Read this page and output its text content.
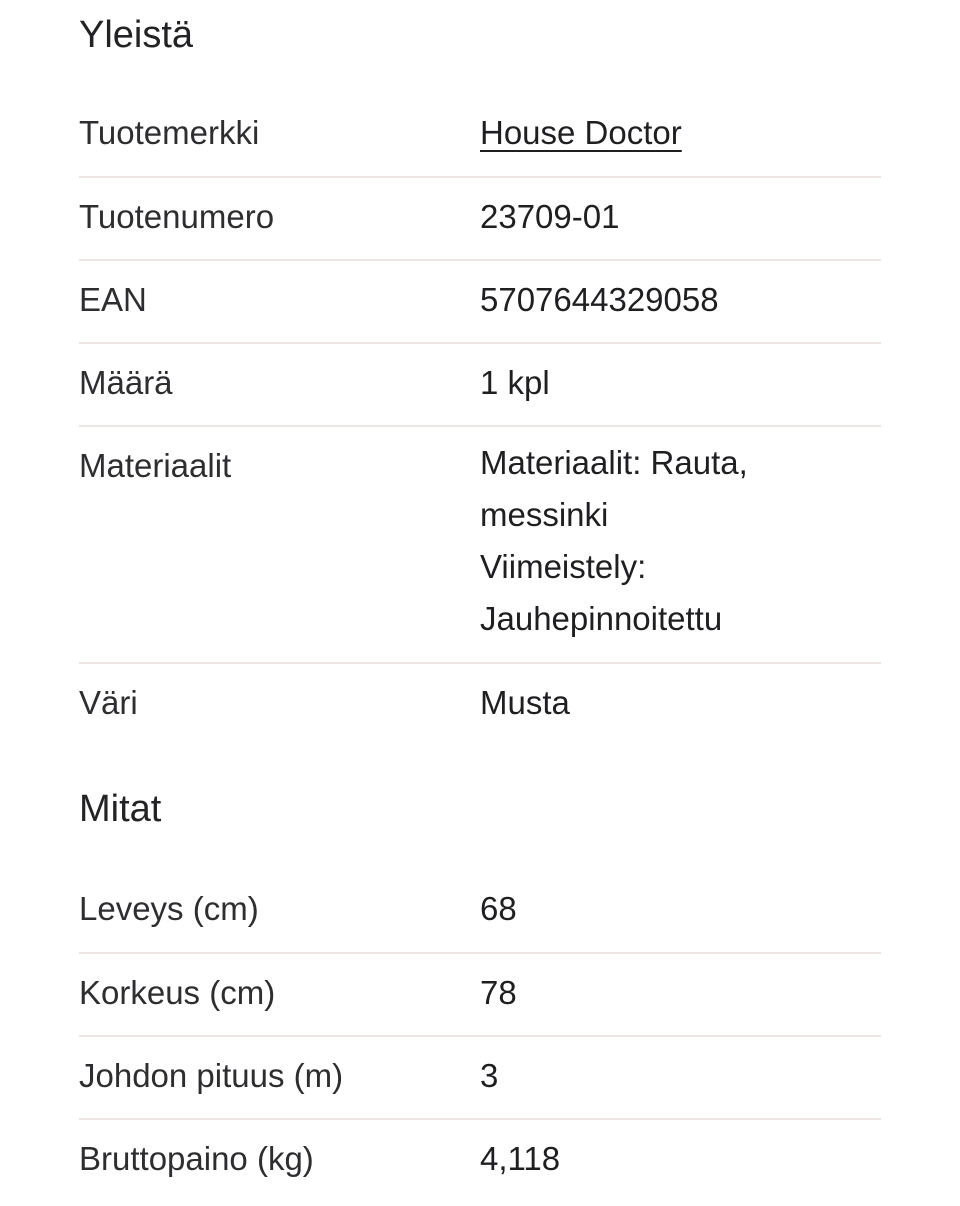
Yleistä
Tuotemerkki	House Doctor
Tuotenumero	23709-01
EAN	5707644329058
Määrä	1 kpl
Materiaalit	Materiaalit: Rauta,
messinki
Viimeistely:
Jauhepinnoitettu
Väri	Musta
Mitat
Leveys (cm)	68
Korkeus (cm)	78
Johdon pituus (m)	3
Bruttopaino (kg)	4,118
